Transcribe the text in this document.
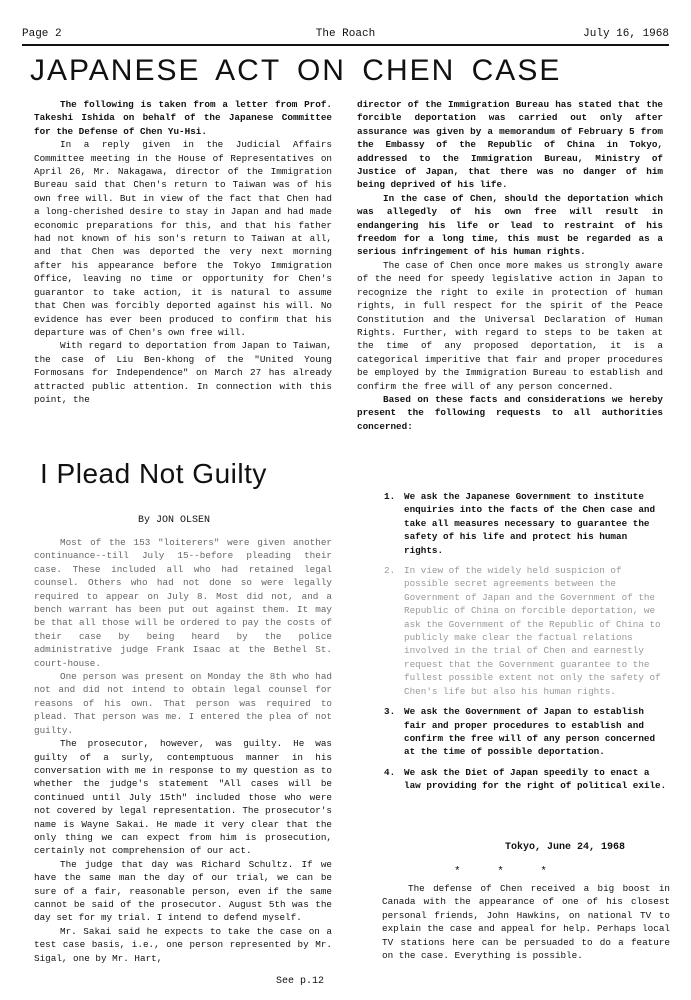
Page 2	The Roach	July 16, 1968
JAPANESE ACT ON CHEN CASE

The following is taken from a letter from Prof. Takeshi Ishida on behalf of the Japanese Committee for the Defense of Chen Yu-Hsi.

In a reply given in the Judicial Affairs Committee meeting in the House of Representatives on April 26, Mr. Nakagawa, director of the Immigration Bureau said that Chen's return to Taiwan was of his own free will. But in view of the fact that Chen had a long-cherished desire to stay in Japan and had made economic preparations for this, and that his father had not known of his son's return to Taiwan at all, and that Chen was deported the very next morning after his appearance before the Tokyo Immigration Office, leaving no time or opportunity for Chen's guarantor to take action, it is natural to assume that Chen was forcibly deported against his will. No evidence has ever been produced to confirm that his departure was of Chen's own free will.

With regard to deportation from Japan to Taiwan, the case of Liu Ben-khong of the "United Young Formosans for Independence" on March 27 has already attracted public attention. In connection with this point, the

director of the Immigration Bureau has stated that the forcible deportation was carried out only after assurance was given by a memorandum of February 5 from the Embassy of the Republic of China in Tokyo, addressed to the Immigration Bureau, Ministry of Justice of Japan, that there was no danger of him being deprived of his life.

In the case of Chen, should the deportation which was allegedly of his own free will result in endangering his life or lead to restraint of his freedom for a long time, this must be regarded as a serious infringement of his human rights.

The case of Chen once more makes us strongly aware of the need for speedy legislative action in Japan to recognize the right to exile in protection of human rights, in full respect for the spirit of the Peace Constitution and the Universal Declaration of Human Rights. Further, with regard to steps to be taken at the time of any proposed deportation, it is a categorical imperitive that fair and proper procedures be employed by the Immigration Bureau to establish and confirm the free will of any person concerned.

Based on these facts and considerations we hereby present the following requests to all authorities concerned:

I Plead Not Guilty
By JON OLSEN

Most of the 153 "loiterers" were given another continuance--till July 15--before pleading their case. These included all who had retained legal counsel. Others who had not done so were legally required to appear on July 8. Most did not, and a bench warrant has been put out against them. It may be that all those will be ordered to pay the costs of their case by being heard by the police administrative judge Frank Isaac at the Bethel St. court-house.

One person was present on Monday the 8th who had not and did not intend to obtain legal counsel for reasons of his own. That person was required to plead. That person was me. I entered the plea of not guilty.

The prosecutor, however, was guilty. He was guilty of a surly, contemptuous manner in his conversation with me in response to my question as to whether the judge's statement "All cases will be continued until July 15th" included those who were not covered by legal representation. The prosecutor's name is Wayne Sakai. He made it very clear that the only thing we can expect from him is prosecution, certainly not comprehension of our act.

The judge that day was Richard Schultz. If we have the same man the day of our trial, we can be sure of a fair, reasonable person, even if the same cannot be said of the prosecutor. August 5th was the day set for my trial. I intend to defend myself.

Mr. Sakai said he expects to take the case on a test case basis, i.e., one person represented by Mr. Sigal, one by Mr. Hart,

See p.12
1. We ask the Japanese Government to institute enquiries into the facts of the Chen case and take all measures necessary to guarantee the safety of his life and protect his human rights.
2. In view of the widely held suspicion of possible secret agreements between the Government of Japan and the Government of the Republic of China on forcible deportation, we ask the Government of the Republic of China to publicly make clear the factual relations involved in the trial of Chen and earnestly request that the Government guarantee to the fullest possible extent not only the safety of Chen's life but also his human rights.
3. We ask the Government of Japan to establish fair and proper procedures to establish and confirm the free will of any person concerned at the time of possible deportation.
4. We ask the Diet of Japan speedily to enact a law providing for the right of political exile.
Tokyo, June 24, 1968
* * *

The defense of Chen received a big boost in Canada with the appearance of one of his closest personal friends, John Hawkins, on national TV to explain the case and appeal for help. Perhaps local TV stations here can be persuaded to do a feature on the case. Everything is possible.
